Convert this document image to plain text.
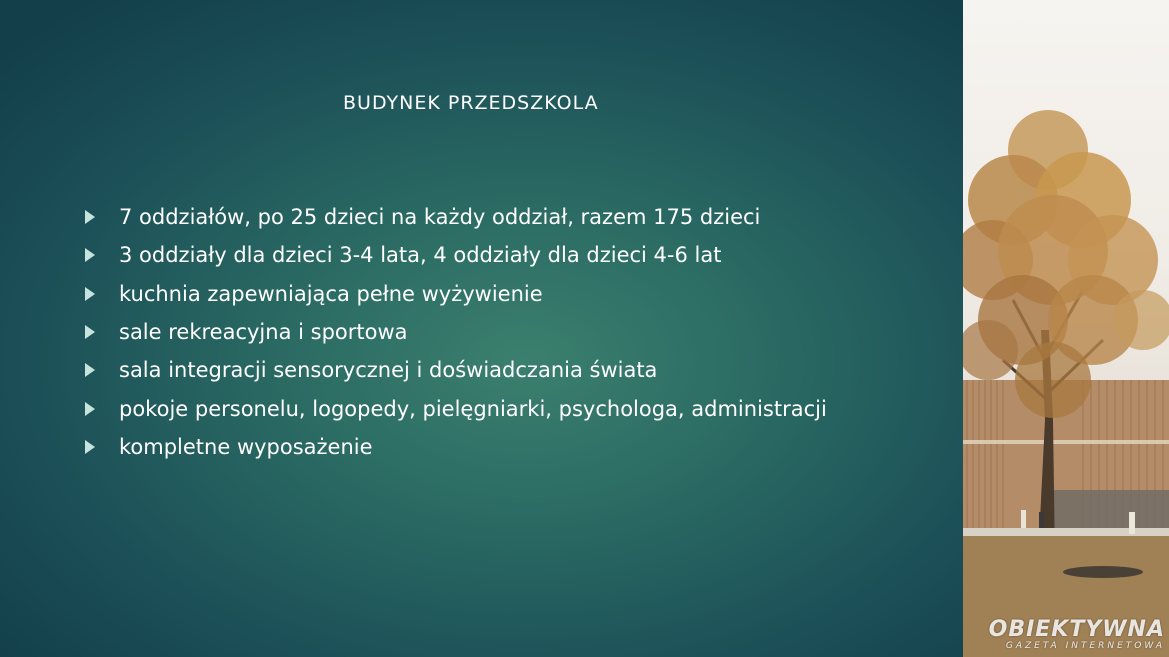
BUDYNEK PRZEDSZKOLA
7 oddziałów, po 25 dzieci na każdy oddział, razem 175 dzieci
3 oddziały dla dzieci 3-4 lata, 4 oddziały dla dzieci 4-6 lat
kuchnia zapewniająca pełne wyżywienie
sale rekreacyjna i sportowa
sala integracji sensorycznej i doświadczania świata
pokoje personelu, logopedy, pielęgniarki, psychologa, administracji
kompletne wyposażenie
OBIEKTYWNA
GAZETA INTERNETOWA
